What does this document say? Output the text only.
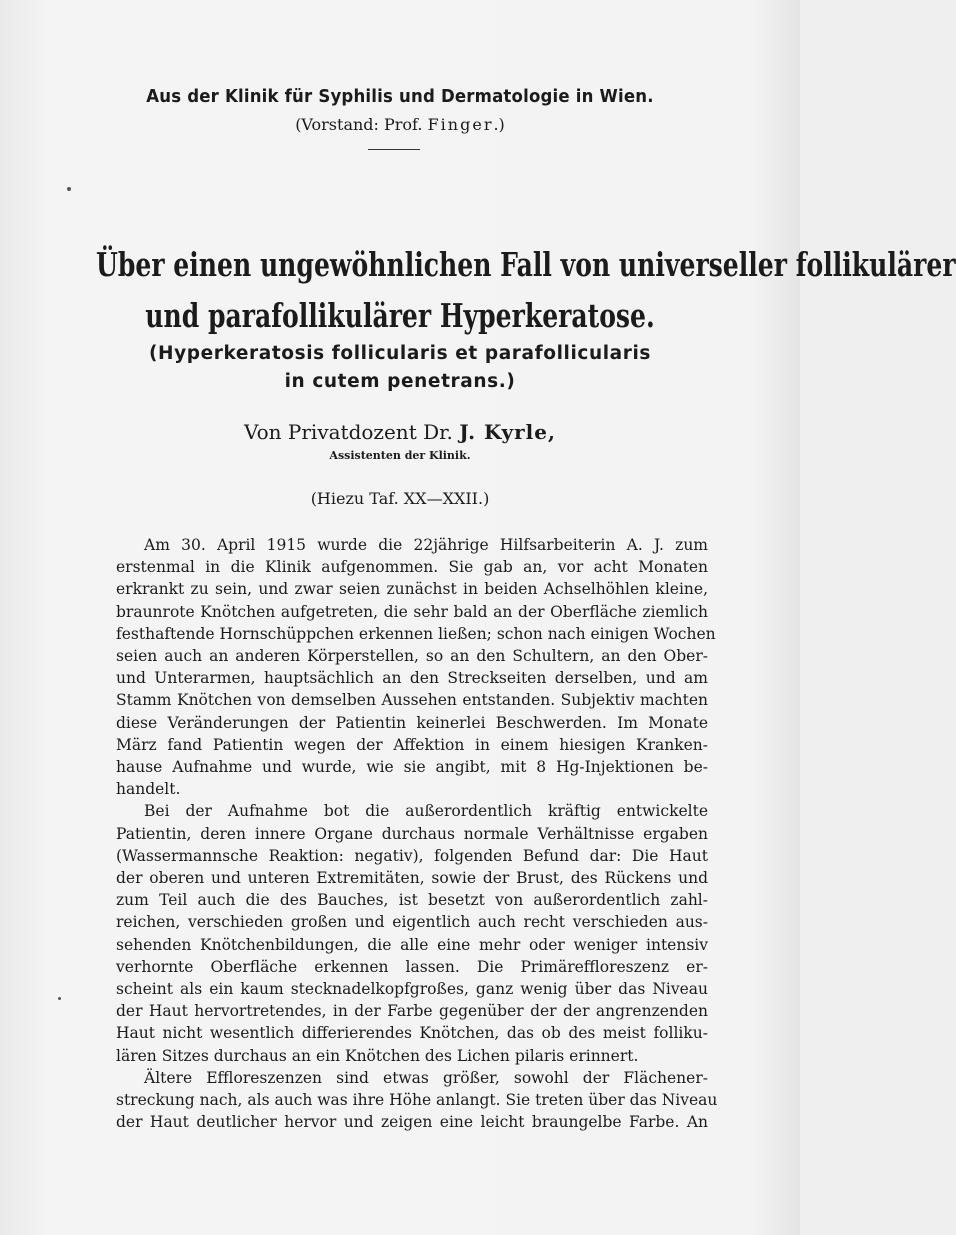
Aus der Klinik für Syphilis und Dermatologie in Wien.
(Vorstand: Prof. Finger.)
Über einen ungewöhnlichen Fall von universeller follikulärer
und parafollikulärer Hyperkeratose.
(Hyperkeratosis follicularis et parafollicularis
in cutem penetrans.)
Von Privatdozent Dr. J. Kyrle,
Assistenten der Klinik.
(Hiezu Taf. XX—XXII.)
Am 30. April 1915 wurde die 22jährige Hilfsarbeiterin A. J. zum
erstenmal in die Klinik aufgenommen. Sie gab an, vor acht Monaten
erkrankt zu sein, und zwar seien zunächst in beiden Achselhöhlen kleine,
braunrote Knötchen aufgetreten, die sehr bald an der Oberfläche ziemlich
festhaftende Hornschüppchen erkennen ließen; schon nach einigen Wochen
seien auch an anderen Körperstellen, so an den Schultern, an den Ober-
und Unterarmen, hauptsächlich an den Streckseiten derselben, und am
Stamm Knötchen von demselben Aussehen entstanden. Subjektiv machten
diese Veränderungen der Patientin keinerlei Beschwerden. Im Monate
März fand Patientin wegen der Affektion in einem hiesigen Kranken-
hause Aufnahme und wurde, wie sie angibt, mit 8 Hg-Injektionen be-
handelt.
Bei der Aufnahme bot die außerordentlich kräftig entwickelte
Patientin, deren innere Organe durchaus normale Verhältnisse ergaben
(Wassermannsche Reaktion: negativ), folgenden Befund dar: Die Haut
der oberen und unteren Extremitäten, sowie der Brust, des Rückens und
zum Teil auch die des Bauches, ist besetzt von außerordentlich zahl-
reichen, verschieden großen und eigentlich auch recht verschieden aus-
sehenden Knötchenbildungen, die alle eine mehr oder weniger intensiv
verhornte Oberfläche erkennen lassen. Die Primäreffloreszenz er-
scheint als ein kaum stecknadelkopfgroßes, ganz wenig über das Niveau
der Haut hervortretendes, in der Farbe gegenüber der der angrenzenden
Haut nicht wesentlich differierendes Knötchen, das ob des meist folliku-
lären Sitzes durchaus an ein Knötchen des Lichen pilaris erinnert.
Ältere Effloreszenzen sind etwas größer, sowohl der Flächener-
streckung nach, als auch was ihre Höhe anlangt. Sie treten über das Niveau
der Haut deutlicher hervor und zeigen eine leicht braungelbe Farbe. An
